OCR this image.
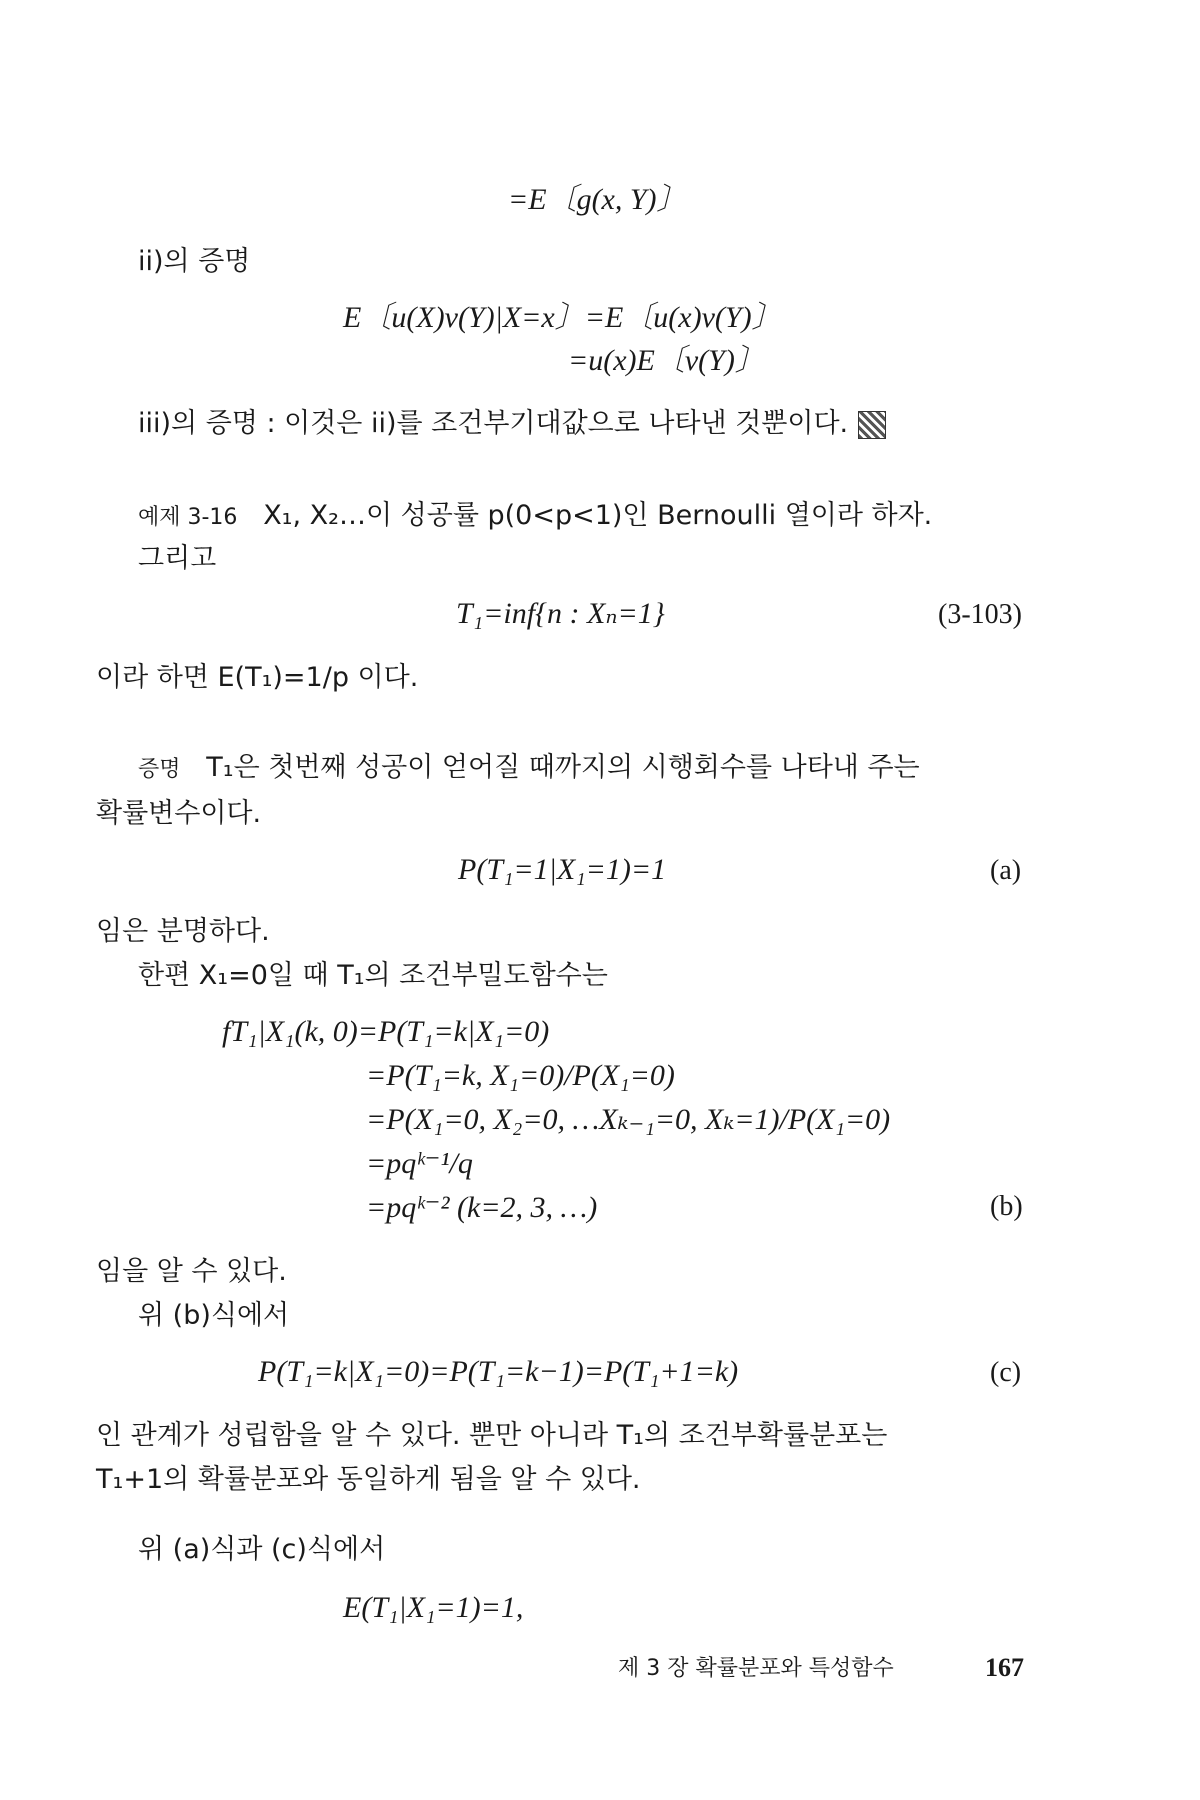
=E〔g(x, Y)〕
ii)의 증명
E〔u(X)v(Y)|X=x〕=E〔u(x)v(Y)〕
=u(x)E〔v(Y)〕
iii)의 증명 : 이것은 ii)를 조건부기대값으로 나타낸 것뿐이다.
예제 3-16 X₁, X₂…이 성공률 p(0<p<1)인 Bernoulli 열이라 하자.
그리고
T₁=inf{n : Xₙ=1}	(3-103)
이라 하면 E(T₁)=1/p 이다.
증명 T₁은 첫번째 성공이 얻어질 때까지의 시행회수를 나타내 주는
확률변수이다.
P(T₁=1|X₁=1)=1	(a)
임은 분명하다.
한편 X₁=0일 때 T₁의 조건부밀도함수는
fT₁|X₁(k, 0)=P(T₁=k|X₁=0)
=P(T₁=k, X₁=0)/P(X₁=0)
=P(X₁=0, X₂=0, …Xₖ₋₁=0, Xₖ=1)/P(X₁=0)
=pqᵏ⁻¹/q
=pqᵏ⁻² (k=2, 3, …)	(b)
임을 알 수 있다.
위 (b)식에서
P(T₁=k|X₁=0)=P(T₁=k−1)=P(T₁+1=k)	(c)
인 관계가 성립함을 알 수 있다. 뿐만 아니라 T₁의 조건부확률분포는
T₁+1의 확률분포와 동일하게 됨을 알 수 있다.
위 (a)식과 (c)식에서
E(T₁|X₁=1)=1,
제 3 장 확률분포와 특성함수	167
